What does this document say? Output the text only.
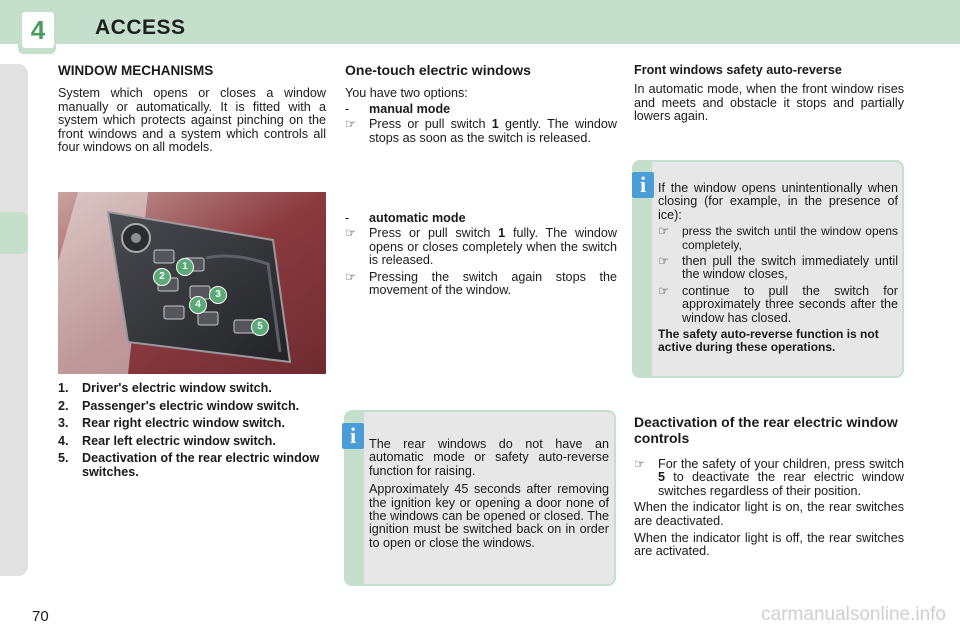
4	ACCESS
WINDOW MECHANISMS

System which opens or closes a window manually or automatically. It is fitted with a system which protects against pinching on the front windows and a system which controls all four windows on all models.

1
2
3
4
5
1.	Driver's electric window switch.
2.	Passenger's electric window switch.
3.	Rear right electric window switch.
4.	Rear left electric window switch.
5.	Deactivation of the rear electric window switches.
One-touch electric windows

You have two options:

-	manual mode
☞	Press or pull switch 1 gently. The window stops as soon as the switch is released.
-	automatic mode
☞	Press or pull switch 1 fully. The window opens or closes completely when the switch is released.
☞	Pressing the switch again stops the movement of the window.

The rear windows do not have an automatic mode or safety auto-reverse function for raising.

Approximately 45 seconds after removing the ignition key or opening a door none of the windows can be opened or closed. The ignition must be switched back on in order to open or close the windows.

i
Front windows safety auto-reverse

In automatic mode, when the front window rises and meets and obstacle it stops and partially lowers again.

If the window opens unintentionally when closing (for example, in the presence of ice):

☞	press the switch until the window opens completely,
☞	then pull the switch immediately until the window closes,
☞	continue to pull the switch for approximately three seconds after the window has closed.

The safety auto-reverse function is not active during these operations.

i
Deactivation of the rear electric window controls
☞	For the safety of your children, press switch 5 to deactivate the rear electric window switches regardless of their position.

When the indicator light is on, the rear switches are deactivated.

When the indicator light is off, the rear switches are activated.

70	carmanualsonline.info
